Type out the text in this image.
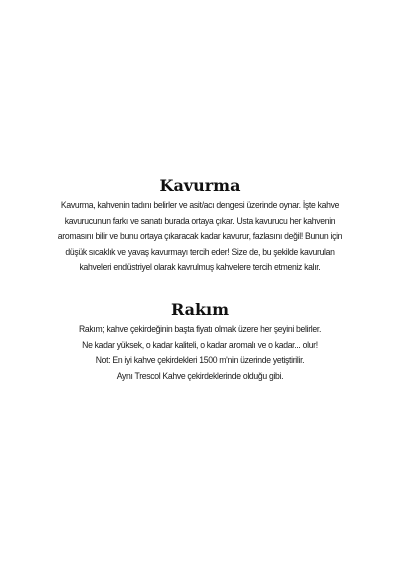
Kavurma
Kavurma, kahvenin tadını belirler ve asit/acı dengesi üzerinde oynar. İşte kahve
kavurucunun farkı ve sanatı burada ortaya çıkar. Usta kavurucu her kahvenin
aromasını bilir ve bunu ortaya çıkaracak kadar kavurur, fazlasını değil! Bunun için
düşük sıcaklık ve yavaş kavurmayı tercih eder! Size de, bu şekilde kavurulan
kahveleri endüstriyel olarak kavrulmuş kahvelere tercih etmeniz kalır.
Rakım
Rakım; kahve çekirdeğinin başta fiyatı olmak üzere her şeyini belirler.
Ne kadar yüksek, o kadar kaliteli, o kadar aromalı ve o kadar... olur!
Not: En iyi kahve çekirdekleri 1500 m'nin üzerinde yetiştirilir.
Aynı Trescol Kahve çekirdeklerinde olduğu gibi.
